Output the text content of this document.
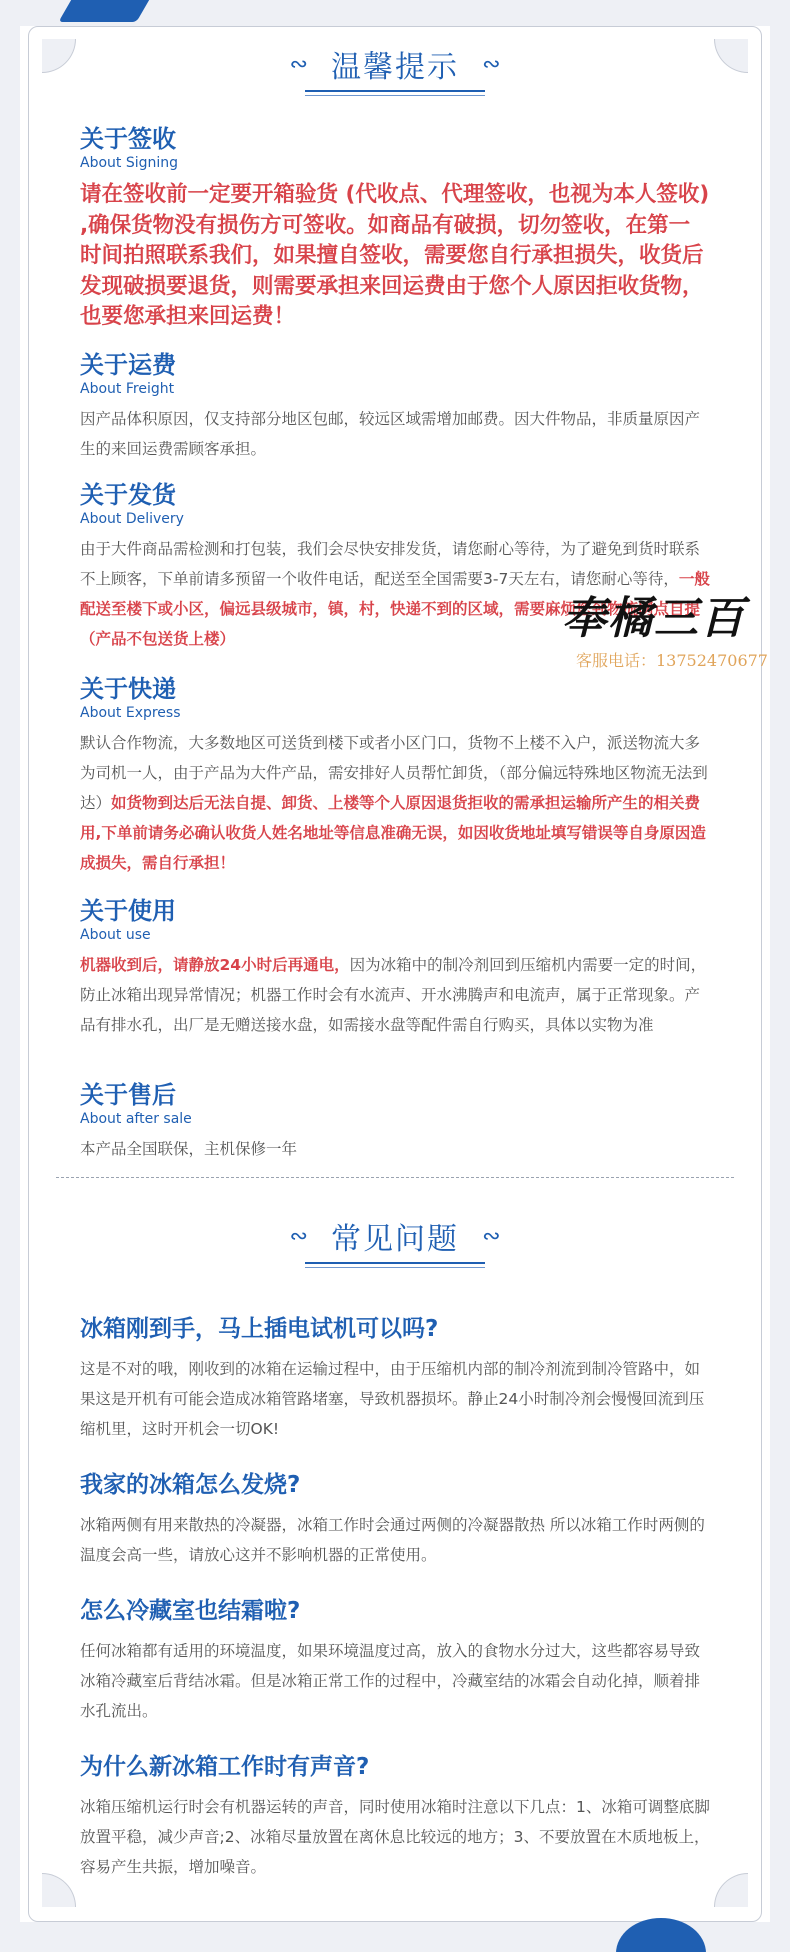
∾ 温馨提示 ∾
关于签收
About Signing
请在签收前一定要开箱验货 (代收点、代理签收，也视为本人签收) ,确保货物没有损伤方可签收。如商品有破损，切勿签收，在第一时间拍照联系我们，如果擅自签收，需要您自行承担损失，收货后发现破损要退货，则需要承担来回运费由于您个人原因拒收货物，也要您承担来回运费！
关于运费
About Freight
因产品体积原因，仅支持部分地区包邮，较远区域需增加邮费。因大件物品，非质量原因产生的来回运费需顾客承担。
关于发货
About Delivery
由于大件商品需检测和打包装，我们会尽快安排发货，请您耐心等待，为了避免到货时联系不上顾客，下单前请多预留一个收件电话，配送至全国需要3-7天左右，请您耐心等待，一般配送至楼下或小区，偏远县级城市，镇，村，快递不到的区域，需要麻烦您到物流网点自提（产品不包送货上楼）
关于快递
About Express
默认合作物流，大多数地区可送货到楼下或者小区门口，货物不上楼不入户，派送物流大多为司机一人，由于产品为大件产品，需安排好人员帮忙卸货，（部分偏远特殊地区物流无法到达）如货物到达后无法自提、卸货、上楼等个人原因退货拒收的需承担运输所产生的相关费用,下单前请务必确认收货人姓名地址等信息准确无误，如因收货地址填写错误等自身原因造成损失，需自行承担！
关于使用
About use
机器收到后，请静放24小时后再通电，因为冰箱中的制冷剂回到压缩机内需要一定的时间，防止冰箱出现异常情况；机器工作时会有水流声、开水沸腾声和电流声，属于正常现象。产品有排水孔，出厂是无赠送接水盘，如需接水盘等配件需自行购买，具体以实物为准
关于售后
About after sale
本产品全国联保，主机保修一年
∾ 常见问题 ∾
冰箱刚到手，马上插电试机可以吗?
这是不对的哦，刚收到的冰箱在运输过程中，由于压缩机内部的制冷剂流到制冷管路中，如果这是开机有可能会造成冰箱管路堵塞，导致机器损坏。静止24小时制冷剂会慢慢回流到压缩机里，这时开机会一切OK!
我家的冰箱怎么发烧?
冰箱两侧有用来散热的冷凝器，冰箱工作时会通过两侧的冷凝器散热 所以冰箱工作时两侧的温度会高一些，请放心这并不影响机器的正常使用。
怎么冷藏室也结霜啦?
任何冰箱都有适用的环境温度，如果环境温度过高，放入的食物水分过大，这些都容易导致冰箱冷藏室后背结冰霜。但是冰箱正常工作的过程中，冷藏室结的冰霜会自动化掉，顺着排水孔流出。
为什么新冰箱工作时有声音?
冰箱压缩机运行时会有机器运转的声音，同时使用冰箱时注意以下几点：1、冰箱可调整底脚放置平稳，减少声音;2、冰箱尽量放置在离休息比较远的地方；3、不要放置在木质地板上，容易产生共振，增加噪音。
奉橘三百
客服电话：13752470677
